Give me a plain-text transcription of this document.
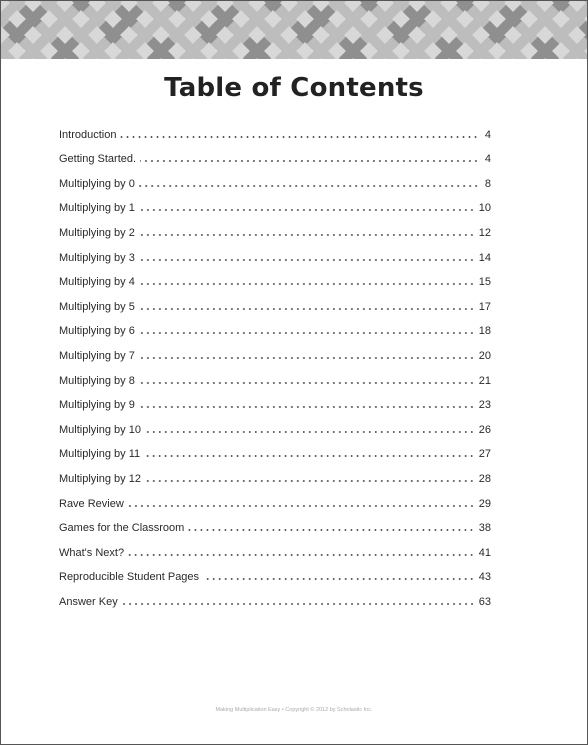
Table of Contents
Introduction	4
Getting Started.	4
Multiplying by 0	8
Multiplying by 1	10
Multiplying by 2	12
Multiplying by 3	14
Multiplying by 4	15
Multiplying by 5	17
Multiplying by 6	18
Multiplying by 7	20
Multiplying by 8	21
Multiplying by 9	23
Multiplying by 10	26
Multiplying by 11	27
Multiplying by 12	28
Rave Review	29
Games for the Classroom	38
What's Next?	41
Reproducible Student Pages	43
Answer Key	63
Making Multiplication Easy • Copyright © 2012 by Scholastic Inc.
